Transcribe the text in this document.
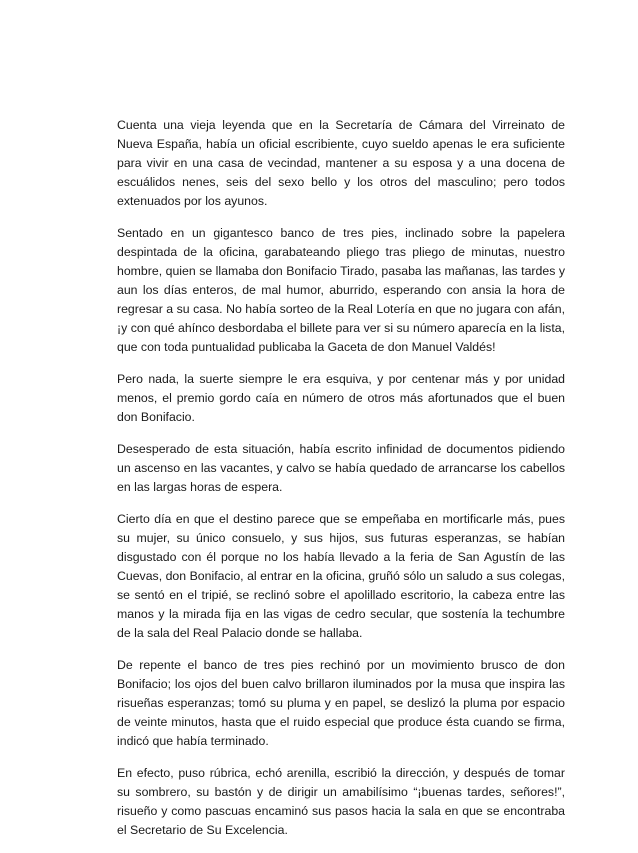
Cuenta una vieja leyenda que en la Secretaría de Cámara del Virreinato de Nueva España, había un oficial escribiente, cuyo sueldo apenas le era suficiente para vivir en una casa de vecindad, mantener a su esposa y a una docena de escuálidos nenes, seis del sexo bello y los otros del masculino; pero todos extenuados por los ayunos.

Sentado en un gigantesco banco de tres pies, inclinado sobre la papelera despintada de la oficina, garabateando pliego tras pliego de minutas, nuestro hombre, quien se llamaba don Bonifacio Tirado, pasaba las mañanas, las tardes y aun los días enteros, de mal humor, aburrido, esperando con ansia la hora de regresar a su casa. No había sorteo de la Real Lotería en que no jugara con afán, ¡y con qué ahínco desbordaba el billete para ver si su número aparecía en la lista, que con toda puntualidad publicaba la Gaceta de don Manuel Valdés!

Pero nada, la suerte siempre le era esquiva, y por centenar más y por unidad menos, el premio gordo caía en número de otros más afortunados que el buen don Bonifacio.

Desesperado de esta situación, había escrito infinidad de documentos pidiendo un ascenso en las vacantes, y calvo se había quedado de arrancarse los cabellos en las largas horas de espera.

Cierto día en que el destino parece que se empeñaba en mortificarle más, pues su mujer, su único consuelo, y sus hijos, sus futuras esperanzas, se habían disgustado con él porque no los había llevado a la feria de San Agustín de las Cuevas, don Bonifacio, al entrar en la oficina, gruñó sólo un saludo a sus colegas, se sentó en el tripié, se reclinó sobre el apolillado escritorio, la cabeza entre las manos y la mirada fija en las vigas de cedro secular, que sostenía la techumbre de la sala del Real Palacio donde se hallaba.

De repente el banco de tres pies rechinó por un movimiento brusco de don Bonifacio; los ojos del buen calvo brillaron iluminados por la musa que inspira las risueñas esperanzas; tomó su pluma y en papel, se deslizó la pluma por espacio de veinte minutos, hasta que el ruido especial que produce ésta cuando se firma, indicó que había terminado.

En efecto, puso rúbrica, echó arenilla, escribió la dirección, y después de tomar su sombrero, su bastón y de dirigir un amabilísimo “¡buenas tardes, señores!”, risueño y como pascuas encaminó sus pasos hacia la sala en que se encontraba el Secretario de Su Excelencia.
